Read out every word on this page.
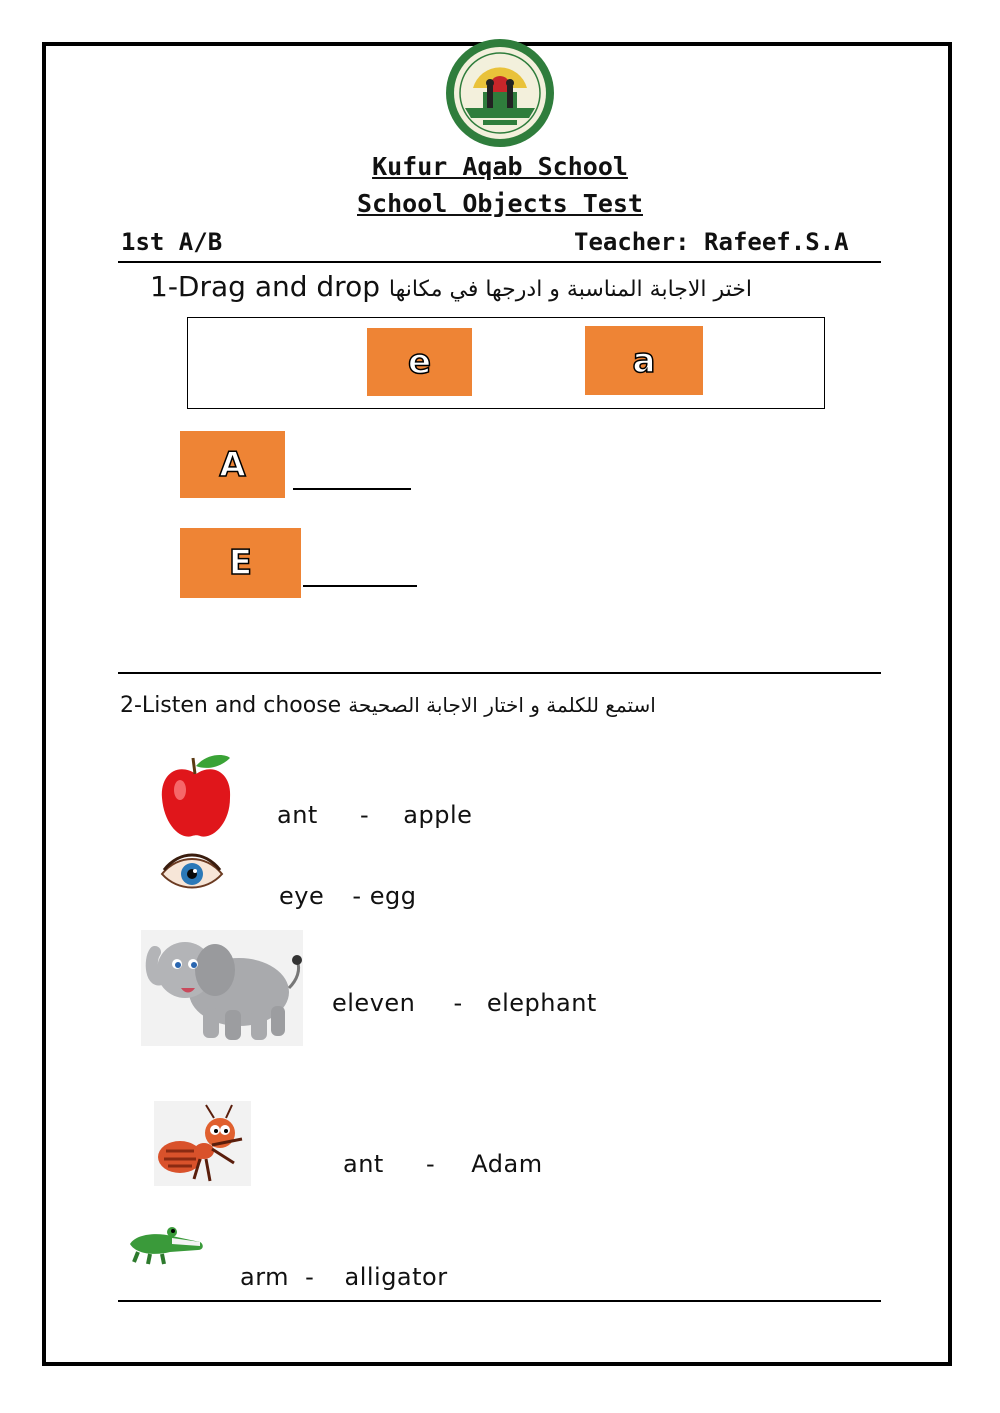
Kufur Aqab School
School Objects Test
1st A/B	Teacher: Rafeef.S.A
1-Drag and drop اختر الاجابة المناسبة و ادرجها في مكانها
e	a
A
E
2-Listen and choose استمع للكلمة و اختار الاجابة الصحيحة
ant - apple
eye - egg
eleven - elephant
ant - Adam
arm - alligator
